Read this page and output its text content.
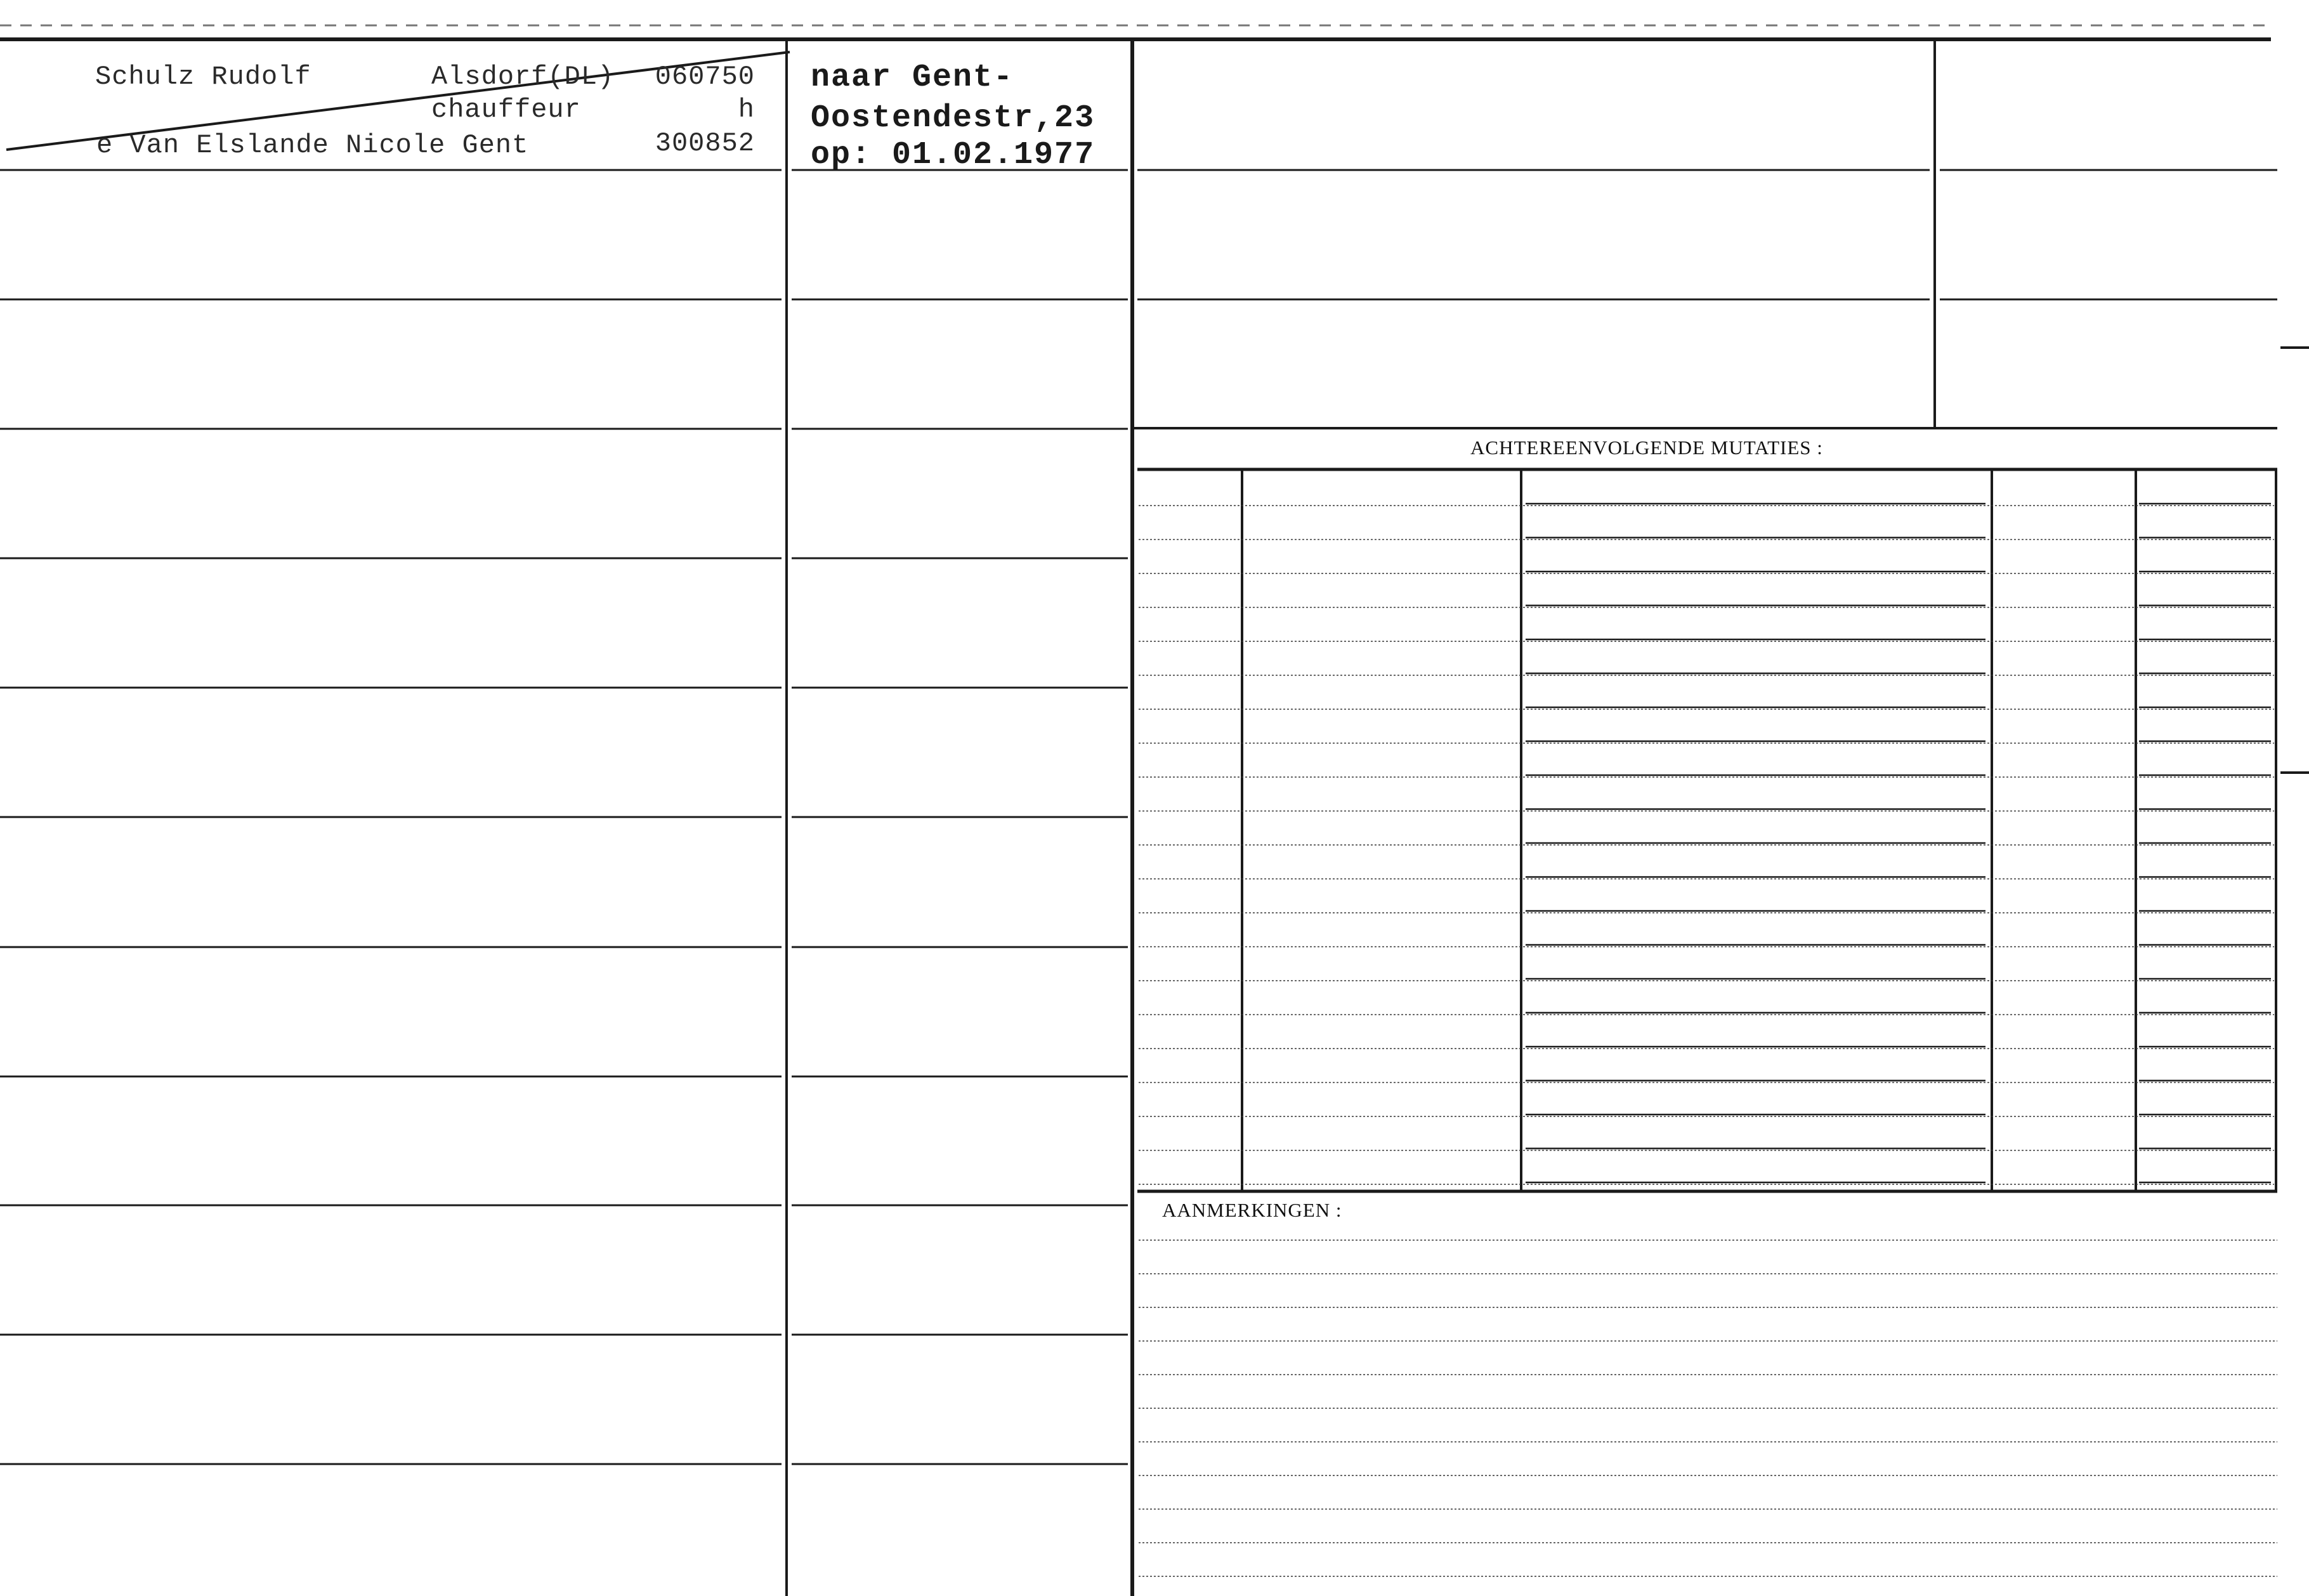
Schulz Rudolf	Alsdorf(DL)	060750
chauffeur	h
e Van Elslande Nicole Gent	300852
naar Gent-
Oostendestr,23
op: 01.02.1977
ACHTEREENVOLGENDE MUTATIES :
AANMERKINGEN :
